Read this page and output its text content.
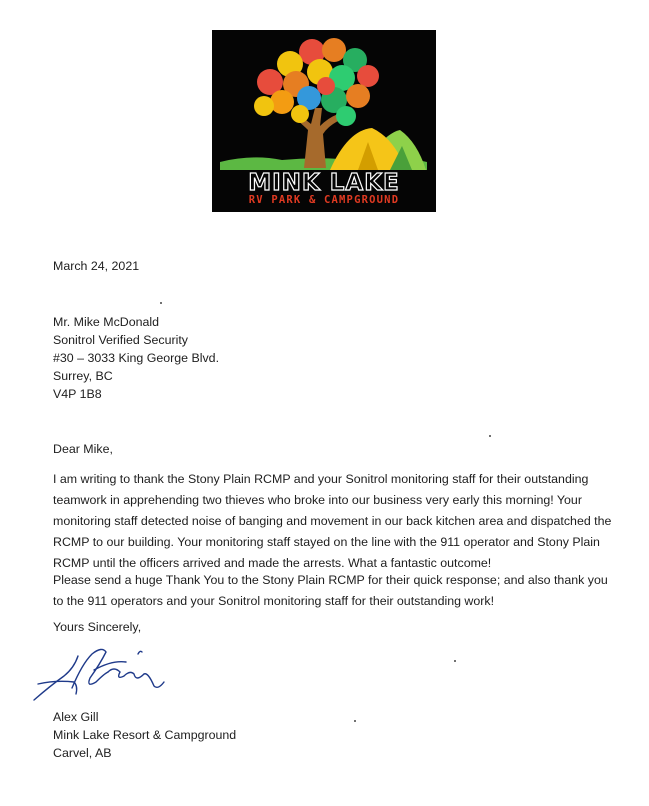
MINK LAKE
RV PARK & CAMPGROUND
March 24, 2021
Mr. Mike McDonald
Sonitrol Verified Security
#30 – 3033 King George Blvd.
Surrey, BC
V4P 1B8
Dear Mike,
I am writing to thank the Stony Plain RCMP and your Sonitrol monitoring staff for their outstanding teamwork in apprehending two thieves who broke into our business very early this morning! Your monitoring staff detected noise of banging and movement in our back kitchen area and dispatched the RCMP to our building. Your monitoring staff stayed on the line with the 911 operator and Stony Plain RCMP until the officers arrived and made the arrests. What a fantastic outcome!
Please send a huge Thank You to the Stony Plain RCMP for their quick response; and also thank you to the 911 operators and your Sonitrol monitoring staff for their outstanding work!
Yours Sincerely,
Alex Gill
Mink Lake Resort & Campground
Carvel, AB
